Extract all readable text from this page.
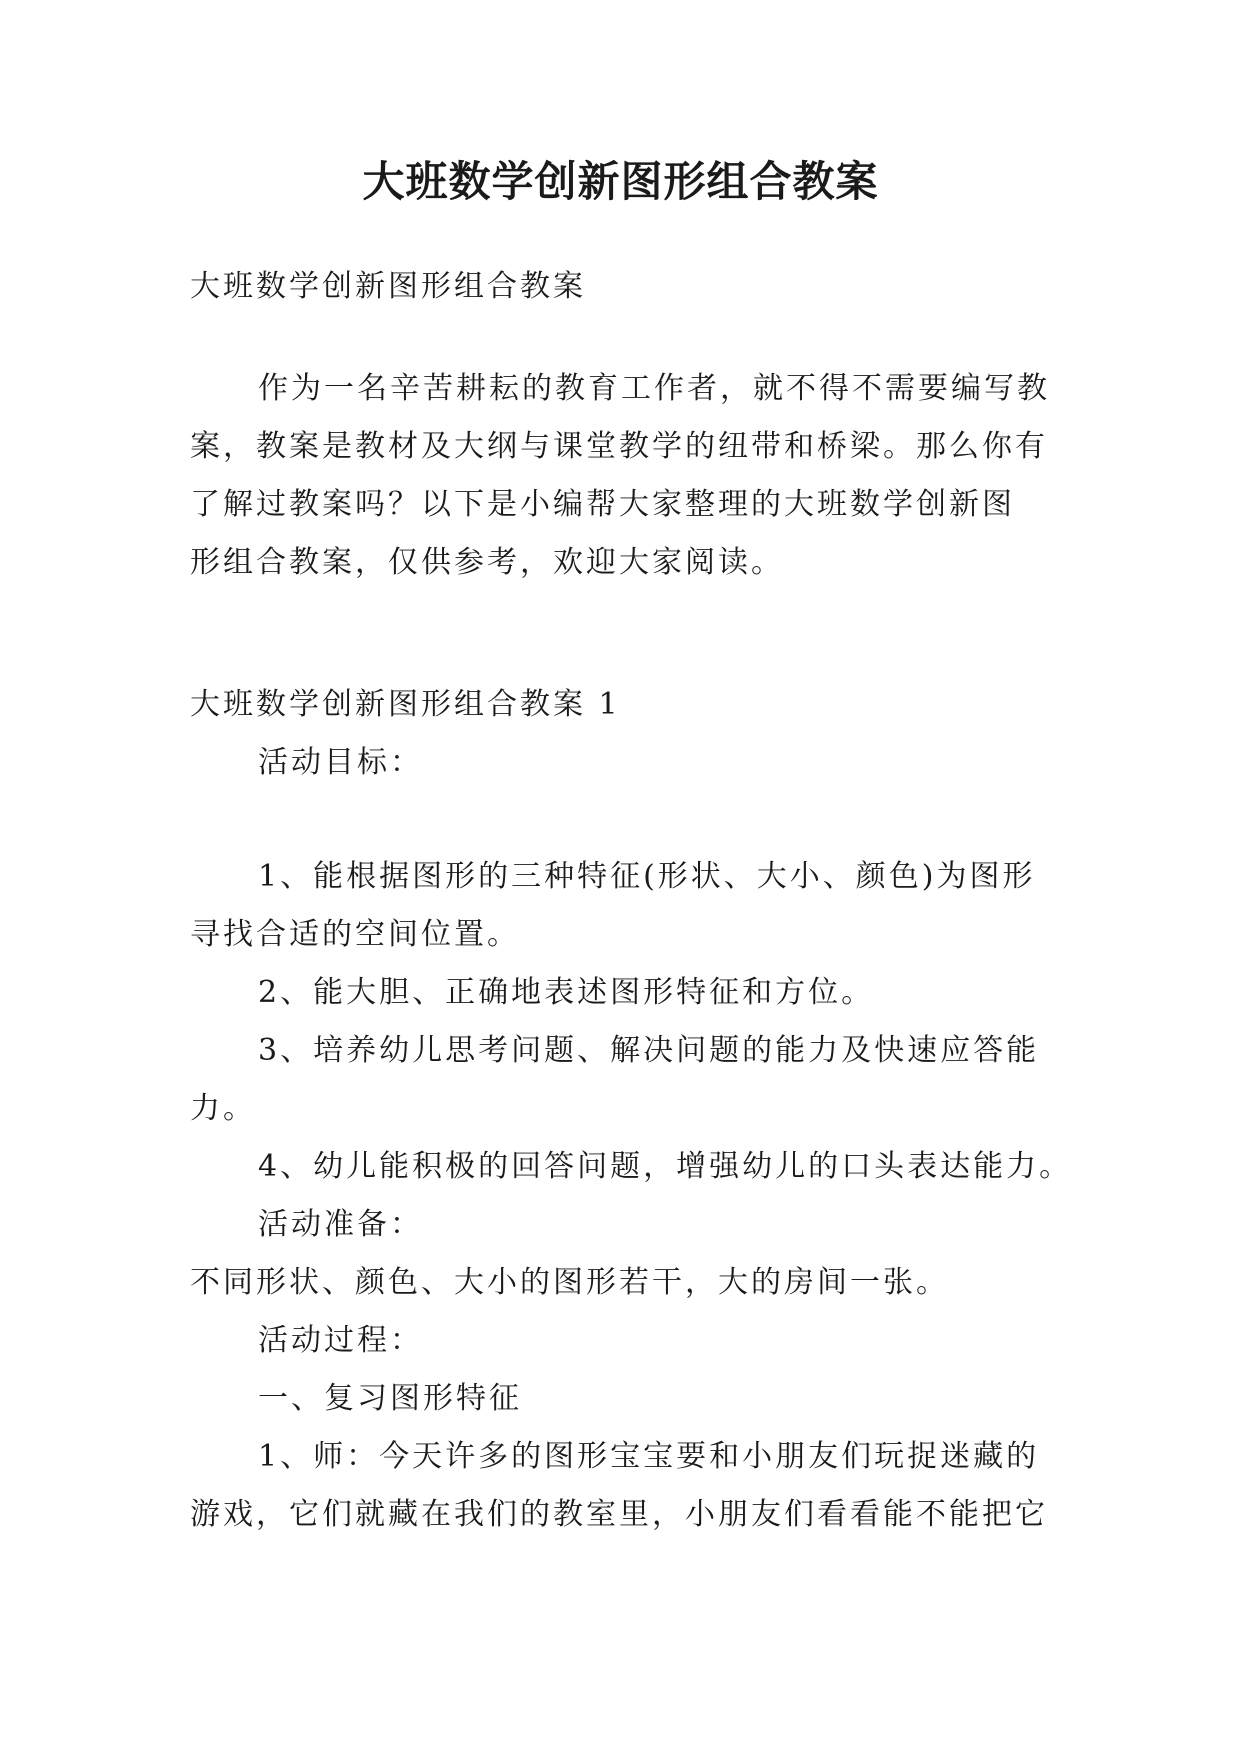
大班数学创新图形组合教案
大班数学创新图形组合教案
作为一名辛苦耕耘的教育工作者，就不得不需要编写教
案，教案是教材及大纲与课堂教学的纽带和桥梁。那么你有
了解过教案吗？以下是小编帮大家整理的大班数学创新图
形组合教案，仅供参考，欢迎大家阅读。
大班数学创新图形组合教案 1
活动目标：
1、能根据图形的三种特征(形状、大小、颜色)为图形
寻找合适的空间位置。
2、能大胆、正确地表述图形特征和方位。
3、培养幼儿思考问题、解决问题的能力及快速应答能
力。
4、幼儿能积极的回答问题，增强幼儿的口头表达能力。
活动准备：
不同形状、颜色、大小的图形若干，大的房间一张。
活动过程：
一、复习图形特征
1、师：今天许多的图形宝宝要和小朋友们玩捉迷藏的
游戏，它们就藏在我们的教室里，小朋友们看看能不能把它
